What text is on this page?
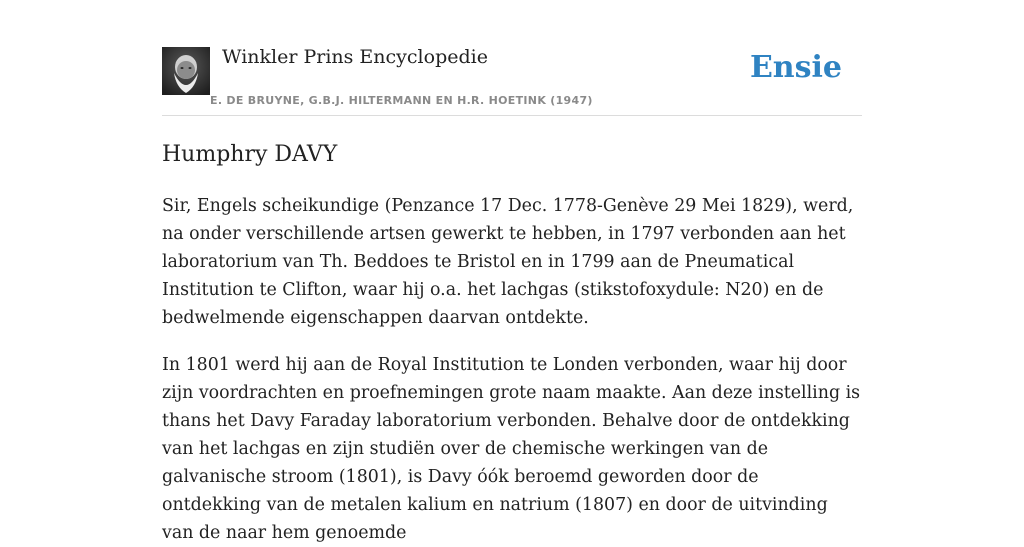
Winkler Prins Encyclopedie
E. DE BRUYNE, G.B.J. HILTERMANN EN H.R. HOETINK (1947)
Ensie
Humphry DAVY

Sir, Engels scheikundige (Penzance 17 Dec. 1778-Genève 29 Mei 1829), werd, na onder verschillende artsen gewerkt te hebben, in 1797 verbonden aan het laboratorium van Th. Beddoes te Bristol en in 1799 aan de Pneumatical Institution te Clifton, waar hij o.a. het lachgas (stikstofoxydule: N20) en de bedwelmende eigenschappen daarvan ontdekte.

In 1801 werd hij aan de Royal Institution te Londen verbonden, waar hij door zijn voordrachten en proefnemingen grote naam maakte. Aan deze instelling is thans het Davy Faraday laboratorium verbonden. Behalve door de ontdekking van het lachgas en zijn studiën over de chemische werkingen van de galvanische stroom (1801), is Davy óók beroemd geworden door de ontdekking van de metalen kalium en natrium (1807) en door de uitvinding van de naar hem genoemde
